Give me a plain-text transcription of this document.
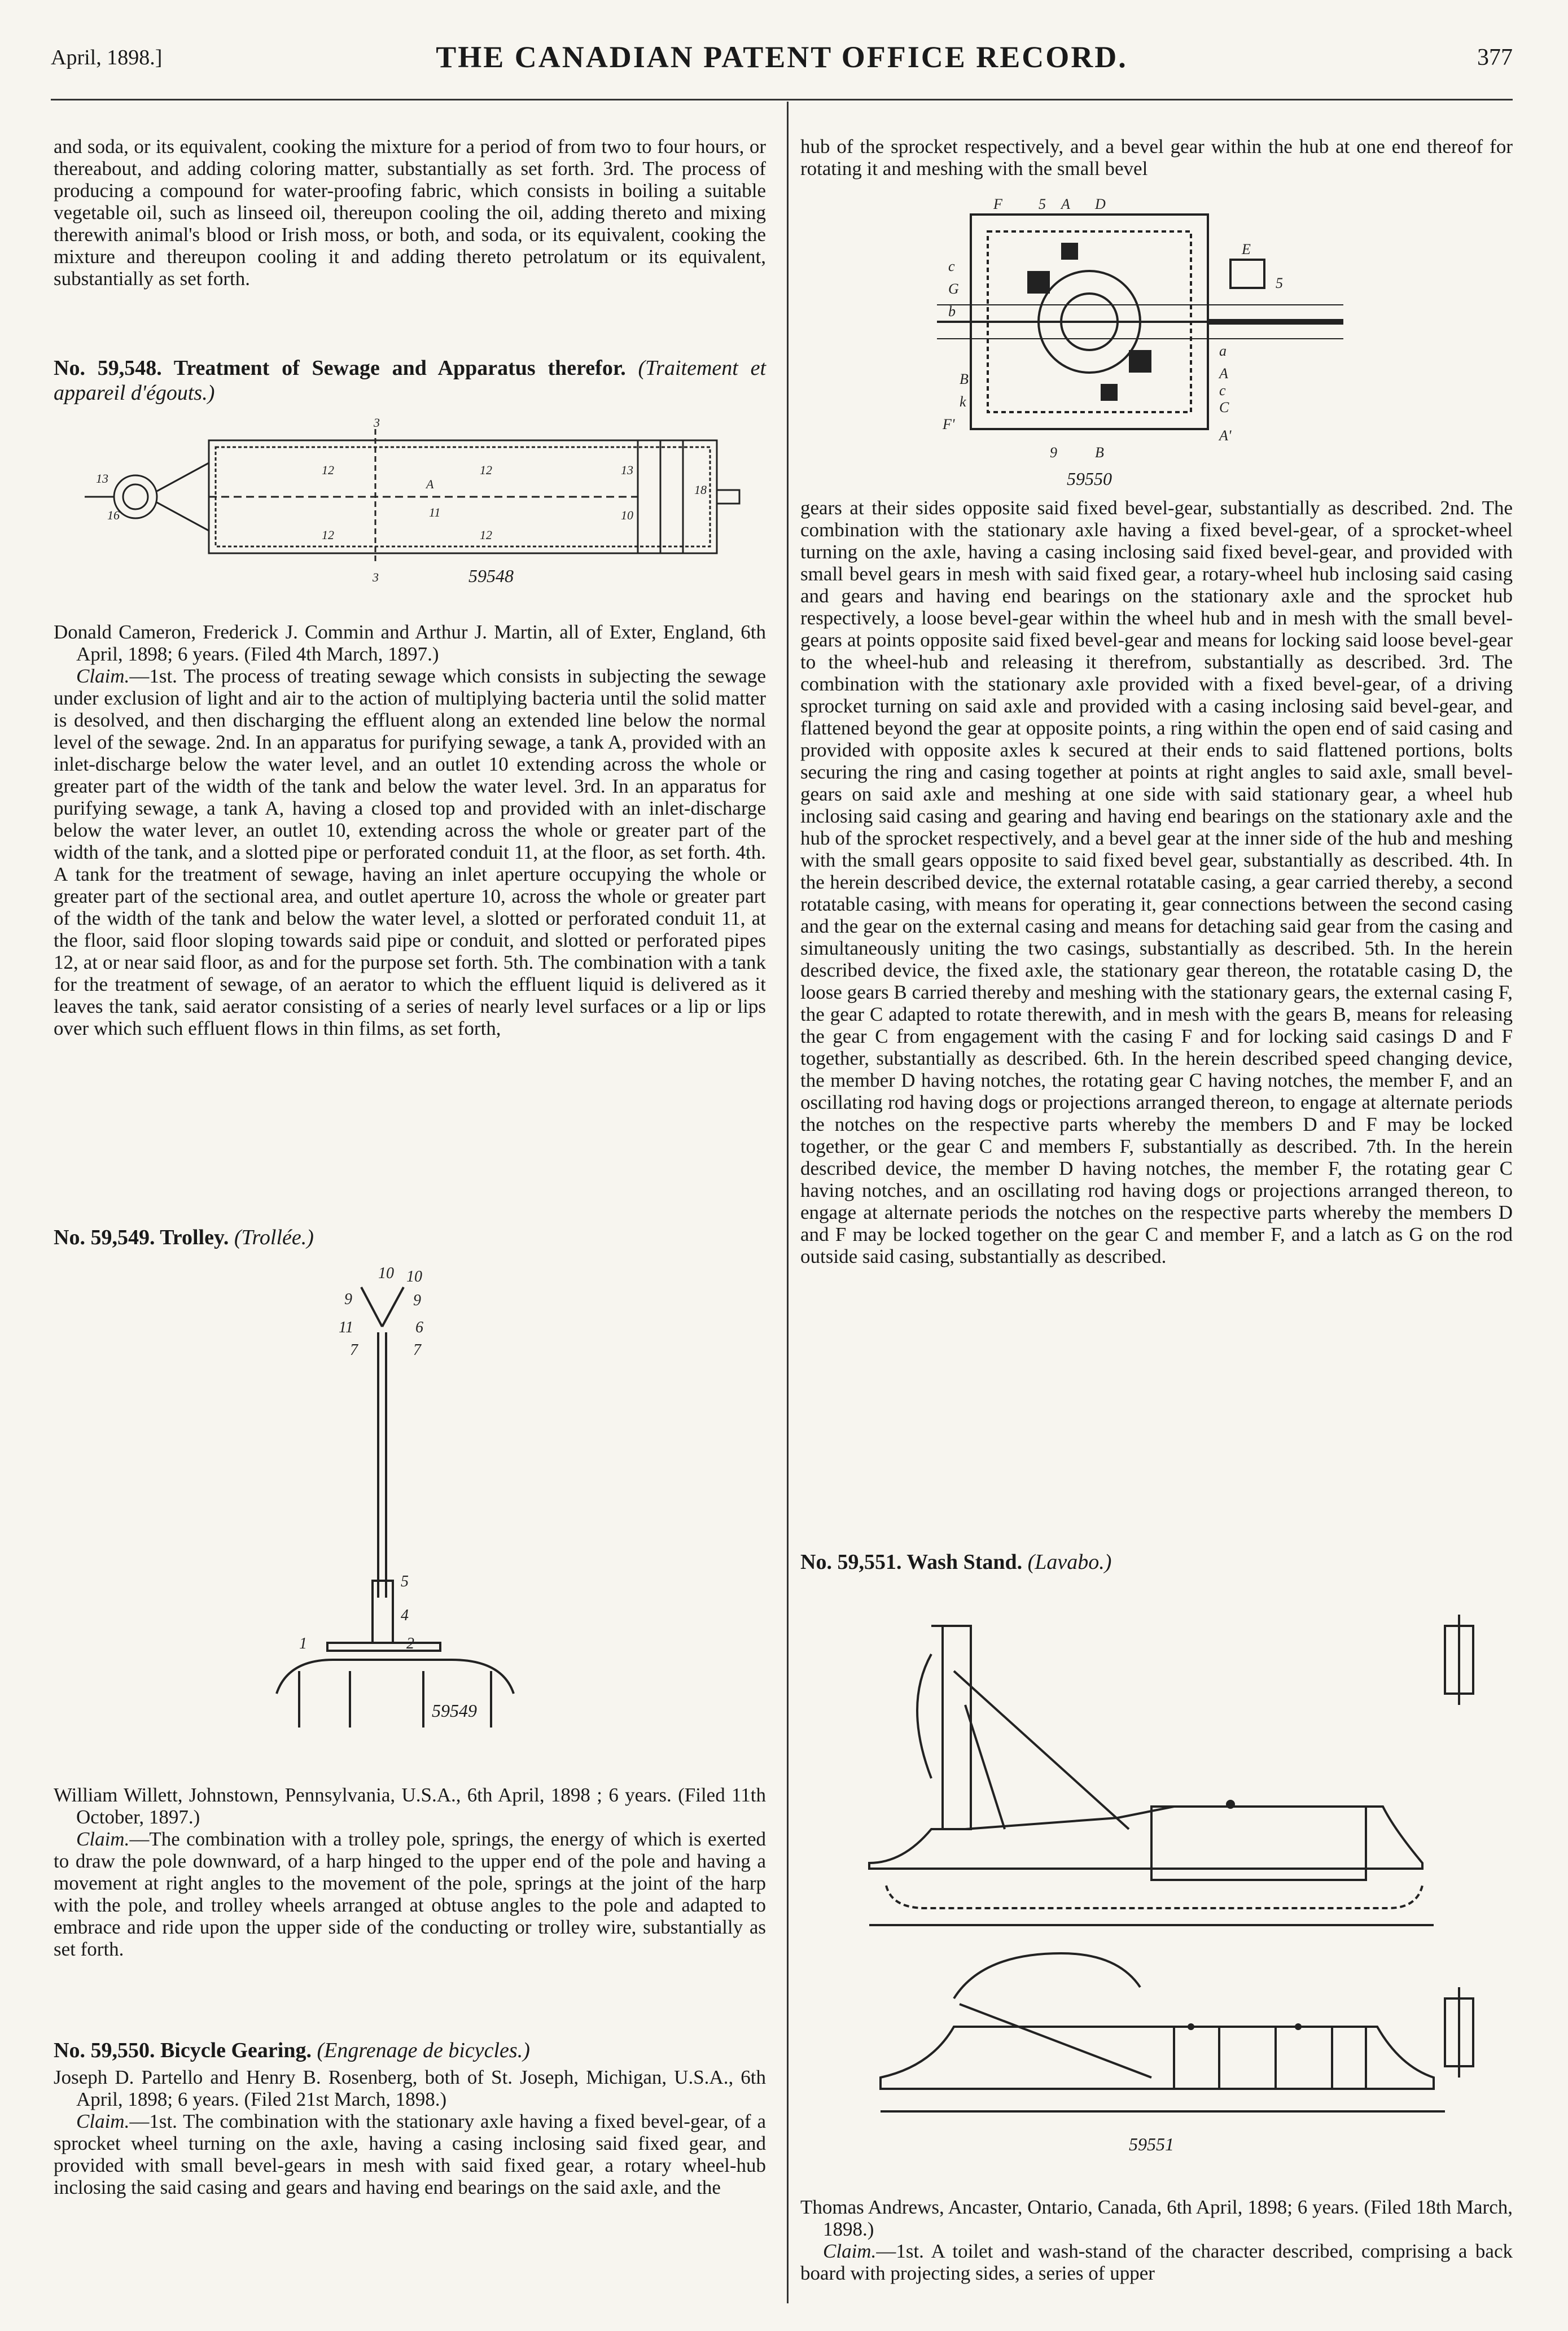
April, 1898.]	THE CANADIAN PATENT OFFICE RECORD.	377

and soda, or its equivalent, cooking the mixture for a period of from two to four hours, or thereabout, and adding coloring matter, substantially as set forth. 3rd. The process of producing a compound for water-proofing fabric, which consists in boiling a suitable vegetable oil, such as linseed oil, thereupon cooling the oil, adding thereto and mixing therewith animal's blood or Irish moss, or both, and soda, or its equivalent, cooking the mixture and thereupon cooling it and adding thereto petrolatum or its equivalent, substantially as set forth.

No. 59,548. Treatment of Sewage and Apparatus therefor. (Traitement et appareil d'égouts.)
3
12	12
A
11
12	12
13
10
18
13
16
3	59548

Donald Cameron, Frederick J. Commin and Arthur J. Martin, all of Exter, England, 6th April, 1898; 6 years. (Filed 4th March, 1897.)

Claim.—1st. The process of treating sewage which consists in subjecting the sewage under exclusion of light and air to the action of multiplying bacteria until the solid matter is desolved, and then discharging the effluent along an extended line below the normal level of the sewage. 2nd. In an apparatus for purifying sewage, a tank A, provided with an inlet-discharge below the water level, and an outlet 10 extending across the whole or greater part of the width of the tank and below the water level. 3rd. In an apparatus for purifying sewage, a tank A, having a closed top and provided with an inlet-discharge below the water lever, an outlet 10, extending across the whole or greater part of the width of the tank, and a slotted pipe or perforated conduit 11, at the floor, as set forth. 4th. A tank for the treatment of sewage, having an inlet aperture occupying the whole or greater part of the sectional area, and outlet aperture 10, across the whole or greater part of the width of the tank and below the water level, a slotted or perforated conduit 11, at the floor, said floor sloping towards said pipe or conduit, and slotted or perforated pipes 12, at or near said floor, as and for the purpose set forth. 5th. The combination with a tank for the treatment of sewage, of an aerator to which the effluent liquid is delivered as it leaves the tank, said aerator consisting of a series of nearly level surfaces or a lip or lips over which such effluent flows in thin films, as set forth,

No. 59,549. Trolley. (Trollée.)
10 10
9	9
11	6
7	7
5
4
2
1
59549

William Willett, Johnstown, Pennsylvania, U.S.A., 6th April, 1898 ; 6 years. (Filed 11th October, 1897.)

Claim.—The combination with a trolley pole, springs, the energy of which is exerted to draw the pole downward, of a harp hinged to the upper end of the pole and having a movement at right angles to the movement of the pole, springs at the joint of the harp with the pole, and trolley wheels arranged at obtuse angles to the pole and adapted to embrace and ride upon the upper side of the conducting or trolley wire, substantially as set forth.

No. 59,550. Bicycle Gearing. (Engrenage de bicycles.)

Joseph D. Partello and Henry B. Rosenberg, both of St. Joseph, Michigan, U.S.A., 6th April, 1898; 6 years. (Filed 21st March, 1898.)

Claim.—1st. The combination with the stationary axle having a fixed bevel-gear, of a sprocket wheel turning on the axle, having a casing inclosing said fixed gear, and provided with small bevel-gears in mesh with said fixed gear, a rotary wheel-hub inclosing the said casing and gears and having end bearings on the said axle, and the

hub of the sprocket respectively, and a bevel gear within the hub at one end thereof for rotating it and meshing with the small bevel

F 5 A D
c
G
b
E
5
a
A
c
C
B
k
F'
9	B
A'
59550

gears at their sides opposite said fixed bevel-gear, substantially as described. 2nd. The combination with the stationary axle having a fixed bevel-gear, of a sprocket-wheel turning on the axle, having a casing inclosing said fixed bevel-gear, and provided with small bevel gears in mesh with said fixed gear, a rotary-wheel hub inclosing said casing and gears and having end bearings on the stationary axle and the sprocket hub respectively, a loose bevel-gear within the wheel hub and in mesh with the small bevel-gears at points opposite said fixed bevel-gear and means for locking said loose bevel-gear to the wheel-hub and releasing it therefrom, substantially as described. 3rd. The combination with the stationary axle provided with a fixed bevel-gear, of a driving sprocket turning on said axle and provided with a casing inclosing said bevel-gear, and flattened beyond the gear at opposite points, a ring within the open end of said casing and provided with opposite axles k secured at their ends to said flattened portions, bolts securing the ring and casing together at points at right angles to said axle, small bevel-gears on said axle and meshing at one side with said stationary gear, a wheel hub inclosing said casing and gearing and having end bearings on the stationary axle and the hub of the sprocket respectively, and a bevel gear at the inner side of the hub and meshing with the small gears opposite to said fixed bevel gear, substantially as described. 4th. In the herein described device, the external rotatable casing, a gear carried thereby, a second rotatable casing, with means for operating it, gear connections between the second casing and the gear on the external casing and means for detaching said gear from the casing and simultaneously uniting the two casings, substantially as described. 5th. In the herein described device, the fixed axle, the stationary gear thereon, the rotatable casing D, the loose gears B carried thereby and meshing with the stationary gears, the external casing F, the gear C adapted to rotate therewith, and in mesh with the gears B, means for releasing the gear C from engagement with the casing F and for locking said casings D and F together, substantially as described. 6th. In the herein described speed changing device, the member D having notches, the rotating gear C having notches, the member F, and an oscillating rod having dogs or projections arranged thereon, to engage at alternate periods the notches on the respective parts whereby the members D and F may be locked together, or the gear C and members F, substantially as described. 7th. In the herein described device, the member D having notches, the member F, the rotating gear C having notches, and an oscillating rod having dogs or projections arranged thereon, to engage at alternate periods the notches on the respective parts whereby the members D and F may be locked together on the gear C and member F, and a latch as G on the rod outside said casing, substantially as described.

No. 59,551. Wash Stand. (Lavabo.)
59551

Thomas Andrews, Ancaster, Ontario, Canada, 6th April, 1898; 6 years. (Filed 18th March, 1898.)

Claim.—1st. A toilet and wash-stand of the character described, comprising a back board with projecting sides, a series of upper
